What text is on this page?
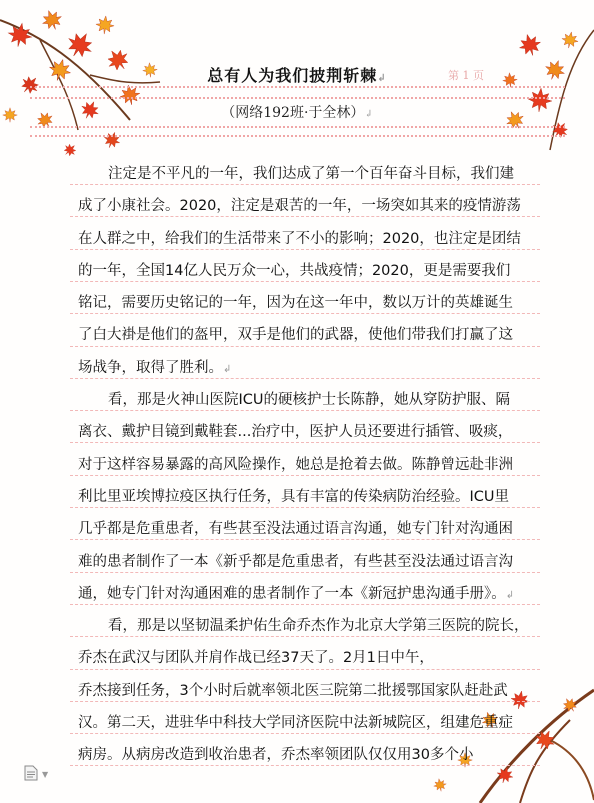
总有人为我们披荆斩棘↲	第 1 页
（网络192班·于全林）↲
注定是不平凡的一年，我们达成了第一个百年奋斗目标，我们建
成了小康社会。2020，注定是艰苦的一年，一场突如其来的疫情游荡
在人群之中，给我们的生活带来了不小的影响；2020，也注定是团结
的一年，全国14亿人民万众一心，共战疫情；2020，更是需要我们
铭记，需要历史铭记的一年，因为在这一年中，数以万计的英雄诞生
了白大褂是他们的盔甲，双手是他们的武器，使他们带我们打赢了这
场战争，取得了胜利。↲
看，那是火神山医院ICU的硬核护士长陈静，她从穿防护服、隔
离衣、戴护目镜到戴鞋套...治疗中，医护人员还要进行插管、吸痰，
对于这样容易暴露的高风险操作，她总是抢着去做。陈静曾远赴非洲
利比里亚埃博拉疫区执行任务，具有丰富的传染病防治经验。ICU里
几乎都是危重患者，有些甚至没法通过语言沟通，她专门针对沟通困
难的患者制作了一本《新乎都是危重患者，有些甚至没法通过语言沟
通，她专门针对沟通困难的患者制作了一本《新冠护患沟通手册》。↲
看，那是以坚韧温柔护佑生命乔杰作为北京大学第三医院的院长，
乔杰在武汉与团队并肩作战已经37天了。2月1日中午，
乔杰接到任务，3个小时后就率领北医三院第二批援鄂国家队赶赴武
汉。第二天，进驻华中科技大学同济医院中法新城院区，组建危重症
病房。从病房改造到收治患者，乔杰率领团队仅仅用30多个小
▼
